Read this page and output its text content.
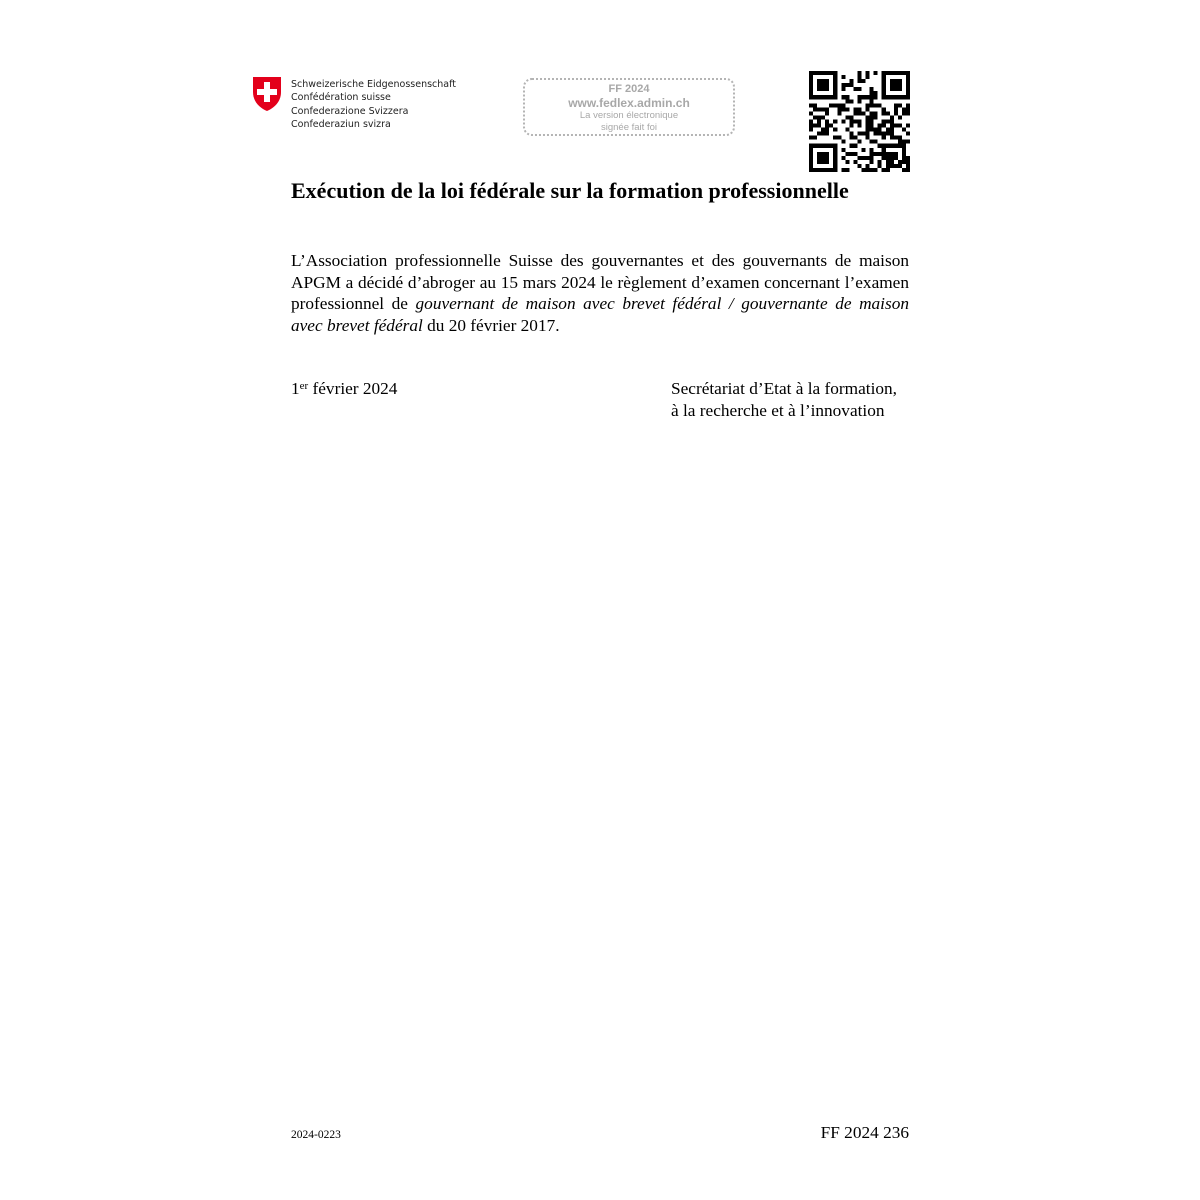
Schweizerische Eidgenossenschaft
Confédération suisse
Confederazione Svizzera
Confederaziun svizra
FF 2024
www.fedlex.admin.ch
La version électronique
signée fait foi
Exécution de la loi fédérale sur la formation professionnelle

L’Association professionnelle Suisse des gouvernantes et des gouvernants de maison APGM a décidé d’abroger au 15 mars 2024 le règlement d’examen concernant l’examen professionnel de gouvernant de maison avec brevet fédéral / gouvernante de maison avec brevet fédéral du 20 février 2017.

1er février 2024	Secrétariat d’Etat à la formation,
à la recherche et à l’innovation
2024-0223	FF 2024 236
